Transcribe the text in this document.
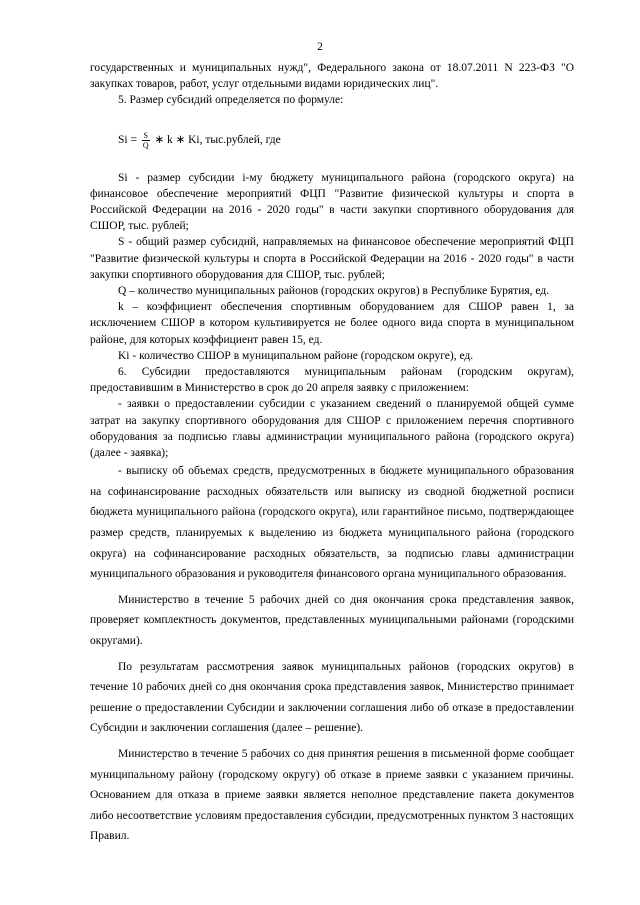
2

государственных и муниципальных нужд", Федерального закона от 18.07.2011 N 223-ФЗ "О закупках товаров, работ, услуг отдельными видами юридических лиц".

5. Размер субсидий определяется по формуле:

$Si = \frac{S}{Q}$ ∗ k ∗ Ki, тыс.рублей, где

Si - размер субсидии i-му бюджету муниципального района (городского округа) на финансовое обеспечение мероприятий ФЦП "Развитие физической культуры и спорта в Российской Федерации на 2016 - 2020 годы" в части закупки спортивного оборудования для СШОР, тыс. рублей;

S - общий размер субсидий, направляемых на финансовое обеспечение мероприятий ФЦП "Развитие физической культуры и спорта в Российской Федерации на 2016 - 2020 годы" в части закупки спортивного оборудования для СШОР, тыс. рублей;

Q – количество муниципальных районов (городских округов) в Республике Бурятия, ед.

k – коэффициент обеспечения спортивным оборудованием для СШОР равен 1, за исключением СШОР в котором культивируется не более одного вида спорта в муниципальном районе, для которых коэффициент равен 15, ед.

Ki - количество СШОР в муниципальном районе (городском округе), ед.

6. Субсидии предоставляются муниципальным районам (городским округам), предоставившим в Министерство в срок до 20 апреля заявку с приложением:

- заявки о предоставлении субсидии с указанием сведений о планируемой общей сумме затрат на закупку спортивного оборудования для СШОР с приложением перечня спортивного оборудования за подписью главы администрации муниципального района (городского округа) (далее - заявка);

- выписку об объемах средств, предусмотренных в бюджете муниципального образования на софинансирование расходных обязательств или выписку из сводной бюджетной росписи бюджета муниципального района (городского округа), или гарантийное письмо, подтверждающее размер средств, планируемых к выделению из бюджета муниципального района (городского округа) на софинансирование расходных обязательств, за подписью главы администрации муниципального образования и руководителя финансового органа муниципального образования.

Министерство в течение 5 рабочих дней со дня окончания срока представления заявок, проверяет комплектность документов, представленных муниципальными районами (городскими округами).

По результатам рассмотрения заявок муниципальных районов (городских округов) в течение 10 рабочих дней со дня окончания срока представления заявок, Министерство принимает решение о предоставлении Субсидии и заключении соглашения либо об отказе в предоставлении Субсидии и заключении соглашения (далее – решение).

Министерство в течение 5 рабочих со дня принятия решения в письменной форме сообщает муниципальному району (городскому округу) об отказе в приеме заявки с указанием причины. Основанием для отказа в приеме заявки является неполное представление пакета документов либо несоответствие условиям предоставления субсидии, предусмотренных пунктом 3 настоящих Правил.
